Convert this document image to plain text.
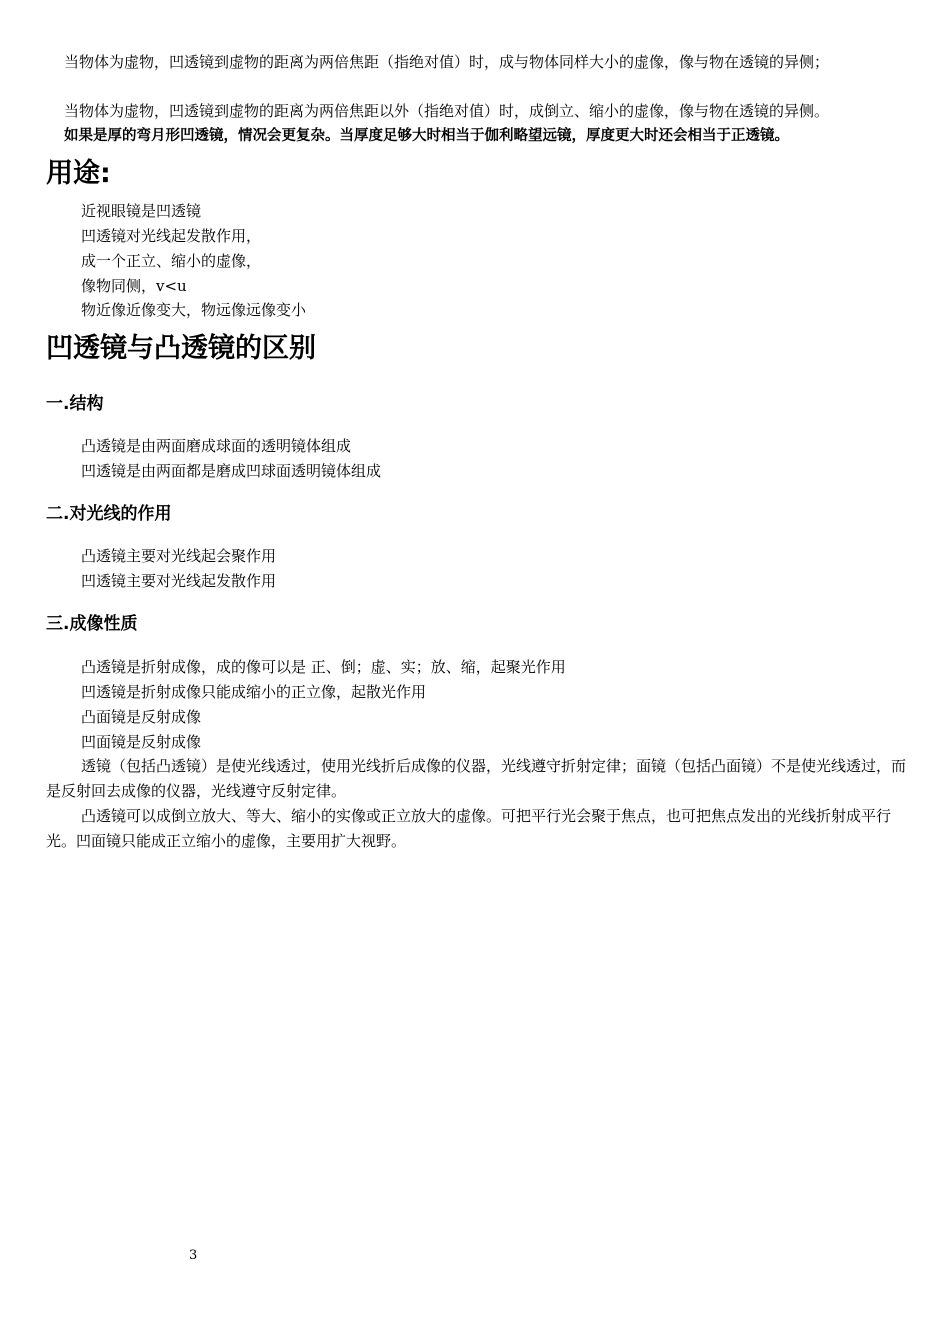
当物体为虚物，凹透镜到虚物的距离为两倍焦距（指绝对值）时，成与物体同样大小的虚像，像与物在透镜的异侧；
当物体为虚物，凹透镜到虚物的距离为两倍焦距以外（指绝对值）时，成倒立、缩小的虚像，像与物在透镜的异侧。
如果是厚的弯月形凹透镜，情况会更复杂。当厚度足够大时相当于伽利略望远镜，厚度更大时还会相当于正透镜。
用途:
近视眼镜是凹透镜
凹透镜对光线起发散作用，
成一个正立、缩小的虚像，
像物同侧，v<u
物近像近像变大，物远像远像变小
凹透镜与凸透镜的区别
一.结构
凸透镜是由两面磨成球面的透明镜体组成
凹透镜是由两面都是磨成凹球面透明镜体组成
二.对光线的作用
凸透镜主要对光线起会聚作用
凹透镜主要对光线起发散作用
三.成像性质
凸透镜是折射成像，成的像可以是 正、倒；虚、实；放、缩，起聚光作用
凹透镜是折射成像只能成缩小的正立像，起散光作用
凸面镜是反射成像
凹面镜是反射成像
透镜（包括凸透镜）是使光线透过，使用光线折后成像的仪器，光线遵守折射定律；面镜（包括凸面镜）不是使光线透过，而是反射回去成像的仪器，光线遵守反射定律。
凸透镜可以成倒立放大、等大、缩小的实像或正立放大的虚像。可把平行光会聚于焦点，也可把焦点发出的光线折射成平行光。凹面镜只能成正立缩小的虚像，主要用扩大视野。
3
